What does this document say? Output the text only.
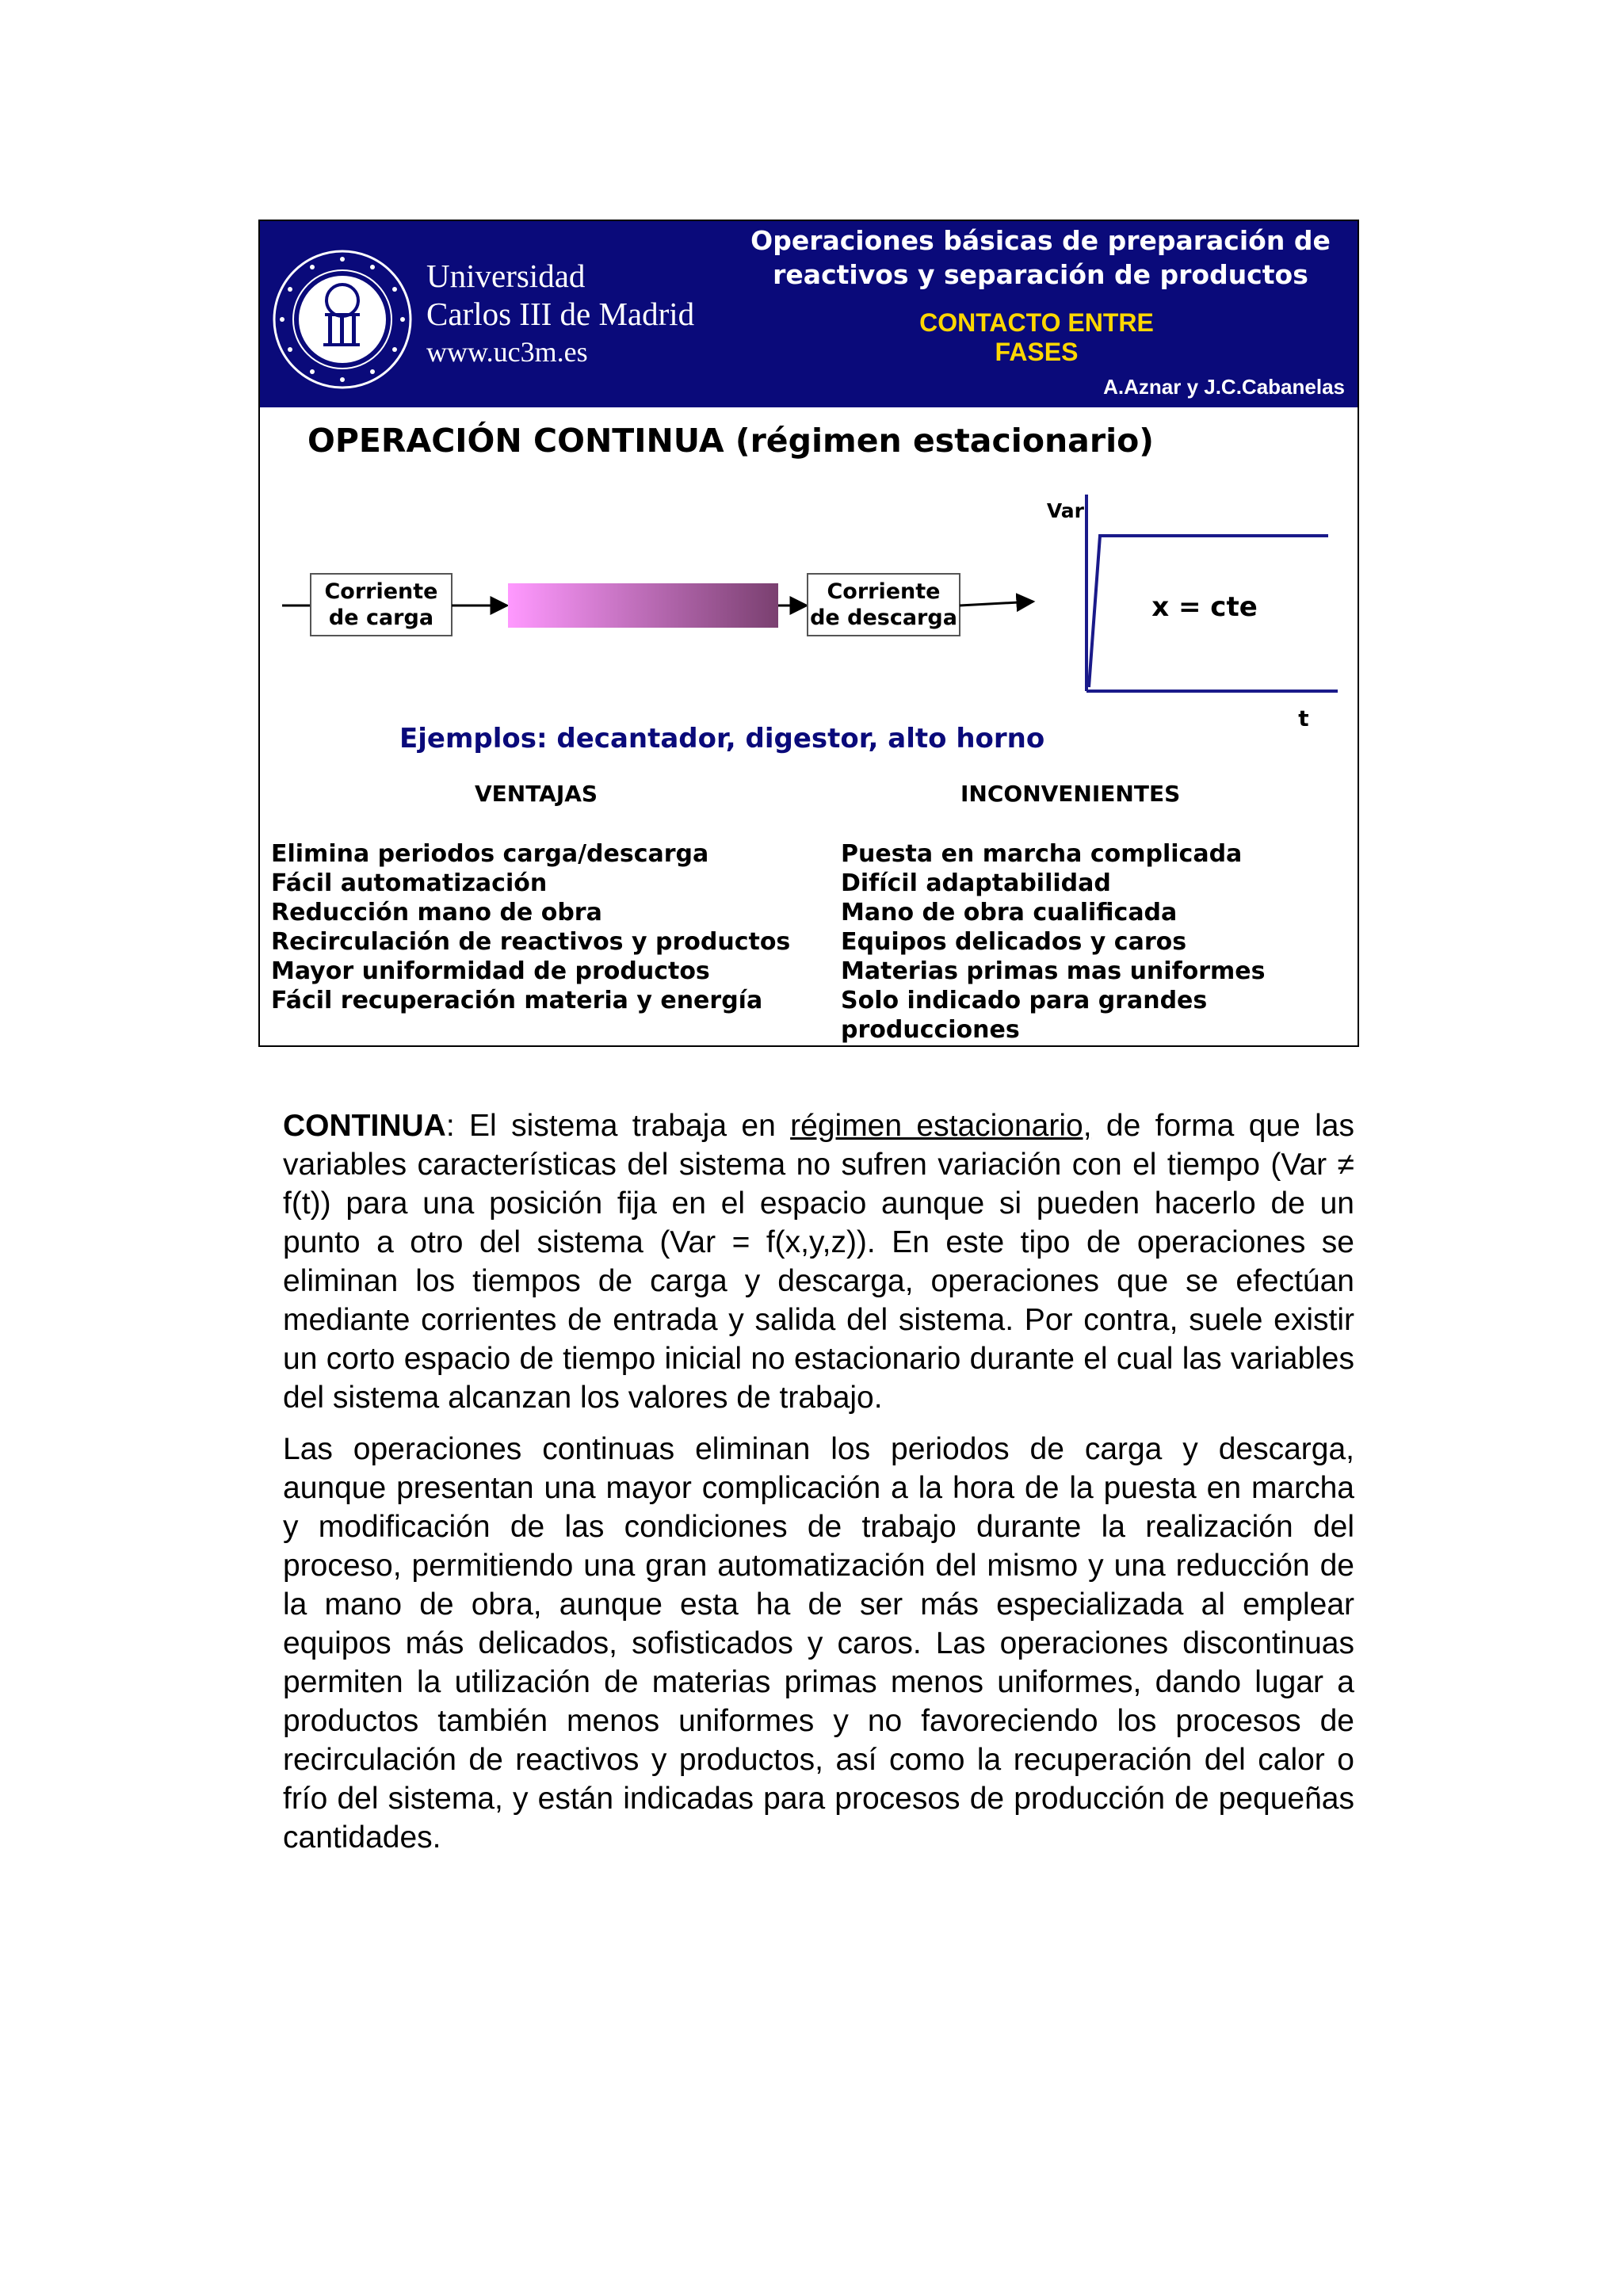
Universidad
Carlos III de Madrid
www.uc3m.es
Operaciones básicas de preparación de
reactivos y separación de productos
CONTACTO ENTRE FASES
A.Aznar y J.C.Cabanelas
OPERACIÓN CONTINUA (régimen estacionario)
Corriente
de carga
Corriente
de descarga
Var
t
x = cte
Ejemplos: decantador, digestor, alto horno
VENTAJAS	INCONVENIENTES
Elimina periodos carga/descarga
Fácil automatización
Reducción mano de obra
Recirculación de reactivos y productos
Mayor uniformidad de productos
Fácil recuperación materia y energía
Puesta en marcha complicada
Difícil adaptabilidad
Mano de obra cualificada
Equipos delicados y caros
Materias primas mas uniformes
Solo indicado para grandes
producciones

CONTINUA: El sistema trabaja en régimen estacionario, de forma que las variables características del sistema no sufren variación con el tiempo (Var ≠ f(t)) para una posición fija en el espacio aunque si pueden hacerlo de un punto a otro del sistema (Var = f(x,y,z)). En este tipo de operaciones se eliminan los tiempos de carga y descarga, operaciones que se efectúan mediante corrientes de entrada y salida del sistema. Por contra, suele existir un corto espacio de tiempo inicial no estacionario durante el cual las variables del sistema alcanzan los valores de trabajo.

Las operaciones continuas eliminan los periodos de carga y descarga, aunque presentan una mayor complicación a la hora de la puesta en marcha y modificación de las condiciones de trabajo durante la realización del proceso, permitiendo una gran automatización del mismo y una reducción de la mano de obra, aunque esta ha de ser más especializada al emplear equipos más delicados, sofisticados y caros. Las operaciones discontinuas permiten la utilización de materias primas menos uniformes, dando lugar a productos también menos uniformes y no favoreciendo los procesos de recirculación de reactivos y productos, así como la recuperación del calor o frío del sistema, y están indicadas para procesos de producción de pequeñas cantidades.
